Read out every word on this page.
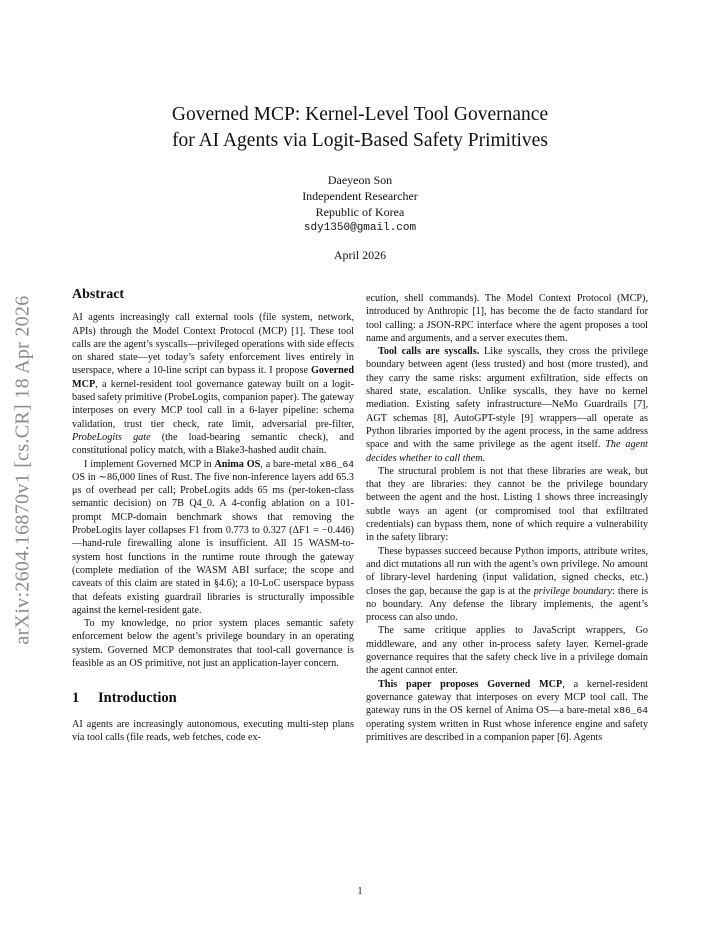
arXiv:2604.16870v1 [cs.CR] 18 Apr 2026
Governed MCP: Kernel-Level Tool Governance
for AI Agents via Logit-Based Safety Primitives
Daeyeon Son
Independent Researcher
Republic of Korea
sdy1350@gmail.com
April 2026
Abstract

AI agents increasingly call external tools (file system, network, APIs) through the Model Context Protocol (MCP) [1]. These tool calls are the agent’s syscalls—privileged operations with side effects on shared state—yet today’s safety enforcement lives entirely in userspace, where a 10-line script can bypass it. I propose Governed MCP, a kernel-resident tool governance gateway built on a logit-based safety primitive (ProbeLogits, companion paper). The gateway interposes on every MCP tool call in a 6-layer pipeline: schema validation, trust tier check, rate limit, adversarial pre-filter, ProbeLogits gate (the load-bearing semantic check), and constitutional policy match, with a Blake3-hashed audit chain.

I implement Governed MCP in Anima OS, a bare-metal x86_64 OS in ∼86,000 lines of Rust. The five non-inference layers add 65.3 μs of overhead per call; ProbeLogits adds 65 ms (per-token-class semantic decision) on 7B Q4_0. A 4-config ablation on a 101-prompt MCP-domain benchmark shows that removing the ProbeLogits layer collapses F1 from 0.773 to 0.327 (ΔF1 = −0.446)—hand-rule firewalling alone is insufficient. All 15 WASM-to-system host functions in the runtime route through the gateway (complete mediation of the WASM ABI surface; the scope and caveats of this claim are stated in §4.6); a 10-LoC userspace bypass that defeats existing guardrail libraries is structurally impossible against the kernel-resident gate.

To my knowledge, no prior system places semantic safety enforcement below the agent’s privilege boundary in an operating system. Governed MCP demonstrates that tool-call governance is feasible as an OS primitive, not just an application-layer concern.

1 Introduction

AI agents are increasingly autonomous, executing multi-step plans via tool calls (file reads, web fetches, code ex-

ecution, shell commands). The Model Context Protocol (MCP), introduced by Anthropic [1], has become the de facto standard for tool calling: a JSON-RPC interface where the agent proposes a tool name and arguments, and a server executes them.

Tool calls are syscalls. Like syscalls, they cross the privilege boundary between agent (less trusted) and host (more trusted), and they carry the same risks: argument exfiltration, side effects on shared state, escalation. Unlike syscalls, they have no kernel mediation. Existing safety infrastructure—NeMo Guardrails [7], AGT schemas [8], AutoGPT-style [9] wrappers—all operate as Python libraries imported by the agent process, in the same address space and with the same privilege as the agent itself. The agent decides whether to call them.

The structural problem is not that these libraries are weak, but that they are libraries: they cannot be the privilege boundary between the agent and the host. Listing 1 shows three increasingly subtle ways an agent (or compromised tool that exfiltrated credentials) can bypass them, none of which require a vulnerability in the safety library:

These bypasses succeed because Python imports, attribute writes, and dict mutations all run with the agent’s own privilege. No amount of library-level hardening (input validation, signed checks, etc.) closes the gap, because the gap is at the privilege boundary: there is no boundary. Any defense the library implements, the agent’s process can also undo.

The same critique applies to JavaScript wrappers, Go middleware, and any other in-process safety layer. Kernel-grade governance requires that the safety check live in a privilege domain the agent cannot enter.

This paper proposes Governed MCP, a kernel-resident governance gateway that interposes on every MCP tool call. The gateway runs in the OS kernel of Anima OS—a bare-metal x86_64 operating system written in Rust whose inference engine and safety primitives are described in a companion paper [6]. Agents

1
